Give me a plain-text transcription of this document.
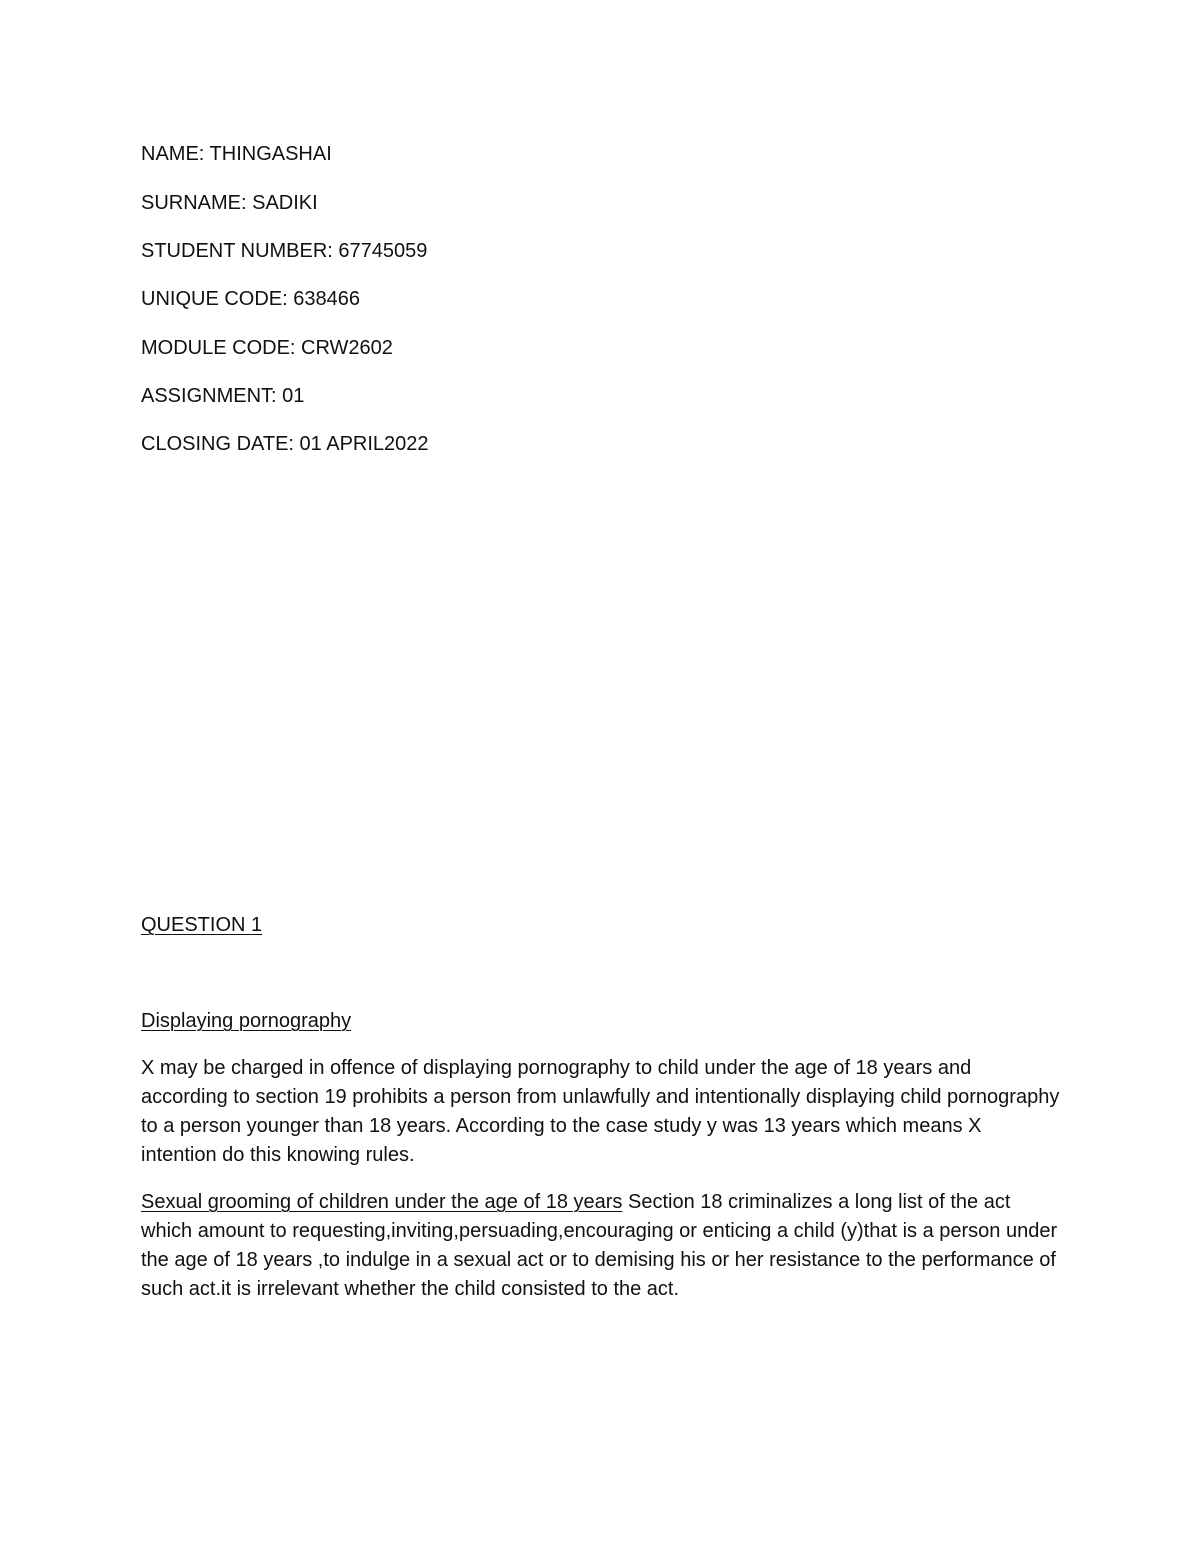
NAME: THINGASHAI
SURNAME: SADIKI
STUDENT NUMBER: 67745059
UNIQUE CODE: 638466
MODULE CODE: CRW2602
ASSIGNMENT: 01
CLOSING DATE: 01 APRIL2022
QUESTION 1
Displaying pornography

X may be charged in offence of displaying pornography to child under the age of 18 years and according to section 19 prohibits a person from unlawfully and intentionally displaying child pornography to a person younger than 18 years. According to the case study y was 13 years which means X intention do this knowing rules.

Sexual grooming of children under the age of 18 years Section 18 criminalizes a long list of the act which amount to requesting,inviting,persuading,encouraging or enticing a child (y)that is a person under the age of 18 years ,to indulge in a sexual act or to demising his or her resistance to the performance of such act.it is irrelevant whether the child consisted to the act.
